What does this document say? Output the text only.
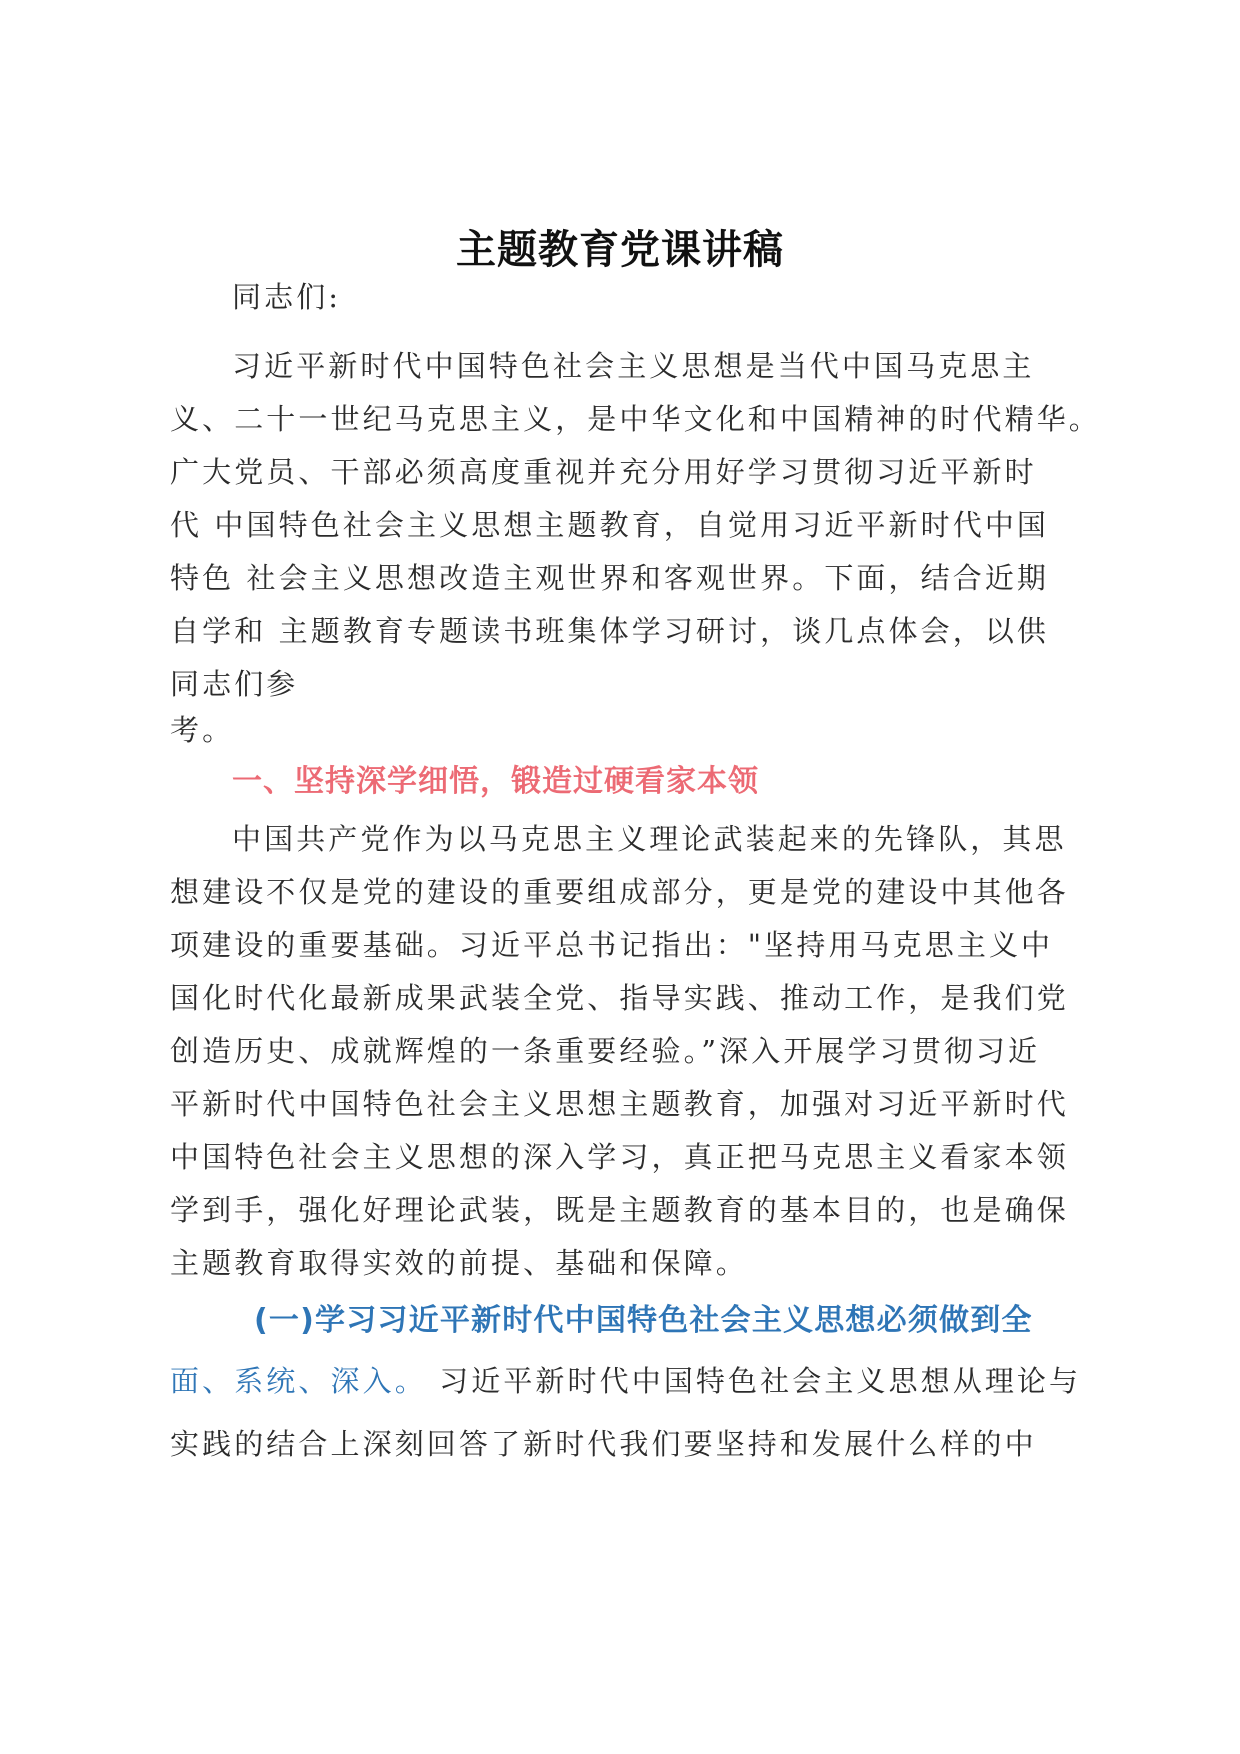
主题教育党课讲稿
同志们:
习近平新时代中国特色社会主义思想是当代中国马克思主
义、二十一世纪马克思主义，是中华文化和中国精神的时代精华。
广大党员、干部必须高度重视并充分用好学习贯彻习近平新时
代 中国特色社会主义思想主题教育，自觉用习近平新时代中国
特色 社会主义思想改造主观世界和客观世界。下面，结合近期
自学和 主题教育专题读书班集体学习研讨，谈几点体会，以供
同志们参
考。
一、坚持深学细悟，锻造过硬看家本领
中国共产党作为以马克思主义理论武装起来的先锋队，其思
想建设不仅是党的建设的重要组成部分，更是党的建设中其他各
项建设的重要基础。习近平总书记指出："坚持用马克思主义中
国化时代化最新成果武装全党、指导实践、推动工作，是我们党
创造历史、成就辉煌的一条重要经验。”深入开展学习贯彻习近
平新时代中国特色社会主义思想主题教育，加强对习近平新时代
中国特色社会主义思想的深入学习，真正把马克思主义看家本领
学到手，强化好理论武装，既是主题教育的基本目的，也是确保
主题教育取得实效的前提、基础和保障。
(一)学习习近平新时代中国特色社会主义思想必须做到全
面、系统、深入。 习近平新时代中国特色社会主义思想从理论与
实践的结合上深刻回答了新时代我们要坚持和发展什么样的中
